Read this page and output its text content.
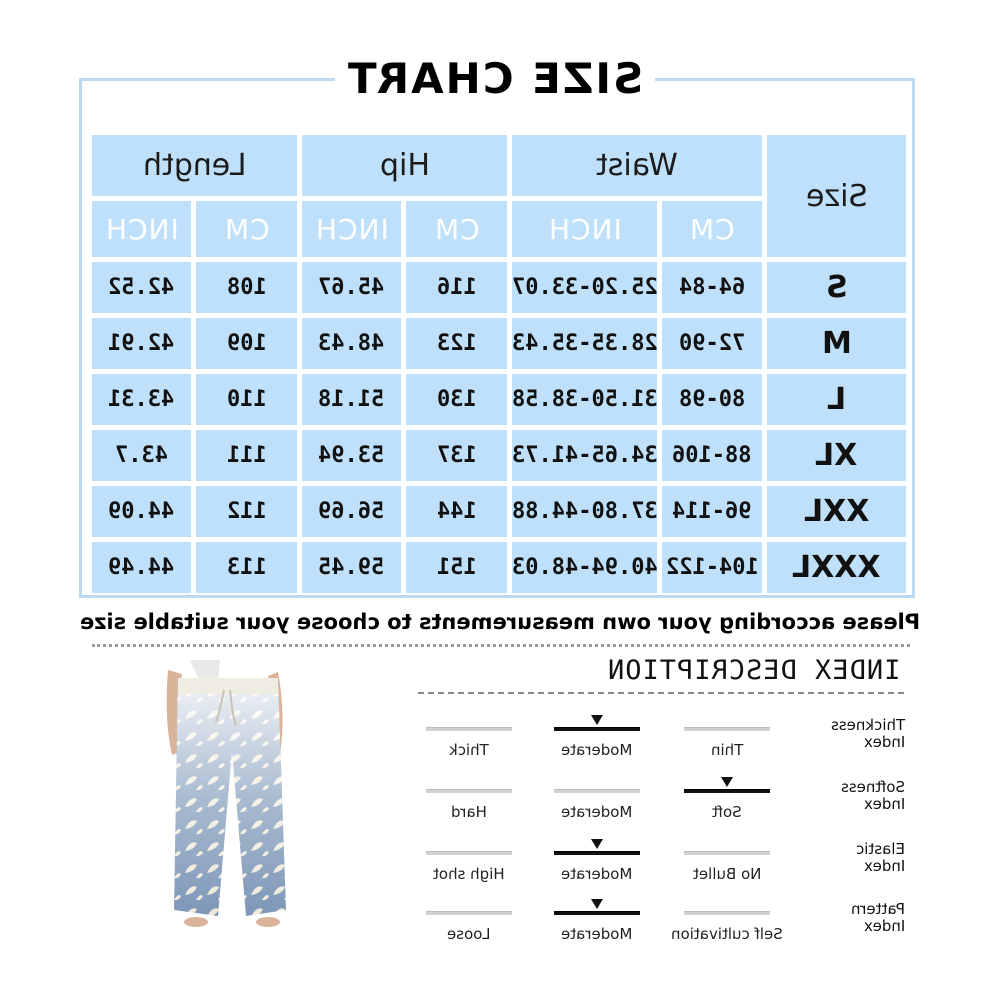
SIZE CHART
Length	Hip	Waist
Size
INCH CM INCH CM INCH CM
42.52 108 45.67 116 25.20-33.07 64-84	S
42.91 109 48.43 123 28.35-35.43 72-90	M
43.31 110 51.18 130 31.50-38.58 80-98	L
43.7	111 53.94 137 34.65-41.73 88-106 XL
44.09 112 56.69 144 37.80-44.88 96-114 XXL
44.49 113 59.45 151 40.94-48.03 104-122 XXXL
Please according your own measurements to choose your suitable size
INDEX DESCRIPTION
Thickness
Index
Thin
Moderate
Thick
Softness
Index
Soft
Moderate
Hard
Elastic
Index
No Bullet
Moderate
High shot
Pattern
Index
Self cultivation
Moderate
Loose
